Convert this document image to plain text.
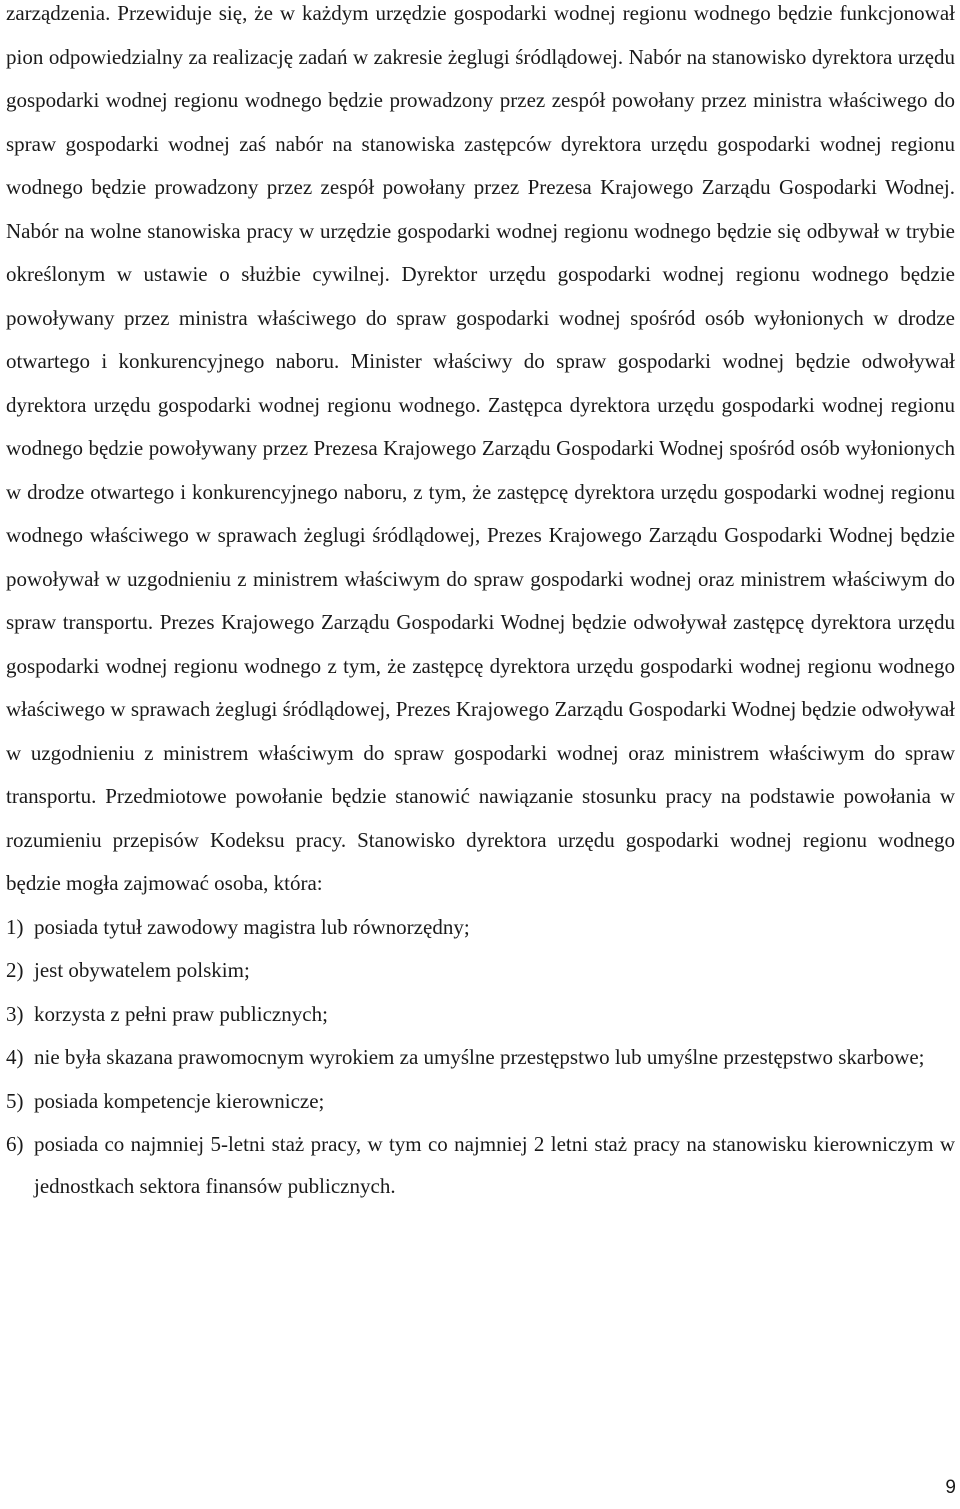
zarządzenia. Przewiduje się, że w każdym urzędzie gospodarki wodnej regionu wodnego będzie funkcjonował pion odpowiedzialny za realizację zadań w zakresie żeglugi śródlądowej. Nabór na stanowisko dyrektora urzędu gospodarki wodnej regionu wodnego będzie prowadzony przez zespół powołany przez ministra właściwego do spraw gospodarki wodnej zaś nabór na stanowiska zastępców dyrektora urzędu gospodarki wodnej regionu wodnego będzie prowadzony przez zespół powołany przez Prezesa Krajowego Zarządu Gospodarki Wodnej. Nabór na wolne stanowiska pracy w urzędzie gospodarki wodnej regionu wodnego będzie się odbywał w trybie określonym w ustawie o służbie cywilnej. Dyrektor urzędu gospodarki wodnej regionu wodnego będzie powoływany przez ministra właściwego do spraw gospodarki wodnej spośród osób wyłonionych w drodze otwartego i konkurencyjnego naboru. Minister właściwy do spraw gospodarki wodnej będzie odwoływał dyrektora urzędu gospodarki wodnej regionu wodnego. Zastępca dyrektora urzędu gospodarki wodnej regionu wodnego będzie powoływany przez Prezesa Krajowego Zarządu Gospodarki Wodnej spośród osób wyłonionych w drodze otwartego i konkurencyjnego naboru, z tym, że zastępcę dyrektora urzędu gospodarki wodnej regionu wodnego właściwego w sprawach żeglugi śródlądowej, Prezes Krajowego Zarządu Gospodarki Wodnej będzie powoływał w uzgodnieniu z ministrem właściwym do spraw gospodarki wodnej oraz ministrem właściwym do spraw transportu. Prezes Krajowego Zarządu Gospodarki Wodnej będzie odwoływał zastępcę dyrektora urzędu gospodarki wodnej regionu wodnego z tym, że zastępcę dyrektora urzędu gospodarki wodnej regionu wodnego właściwego w sprawach żeglugi śródlądowej, Prezes Krajowego Zarządu Gospodarki Wodnej będzie odwoływał w uzgodnieniu z ministrem właściwym do spraw gospodarki wodnej oraz ministrem właściwym do spraw transportu. Przedmiotowe powołanie będzie stanowić nawiązanie stosunku pracy na podstawie powołania w rozumieniu przepisów Kodeksu pracy. Stanowisko dyrektora urzędu gospodarki wodnej regionu wodnego będzie mogła zajmować osoba, która:

1) posiada tytuł zawodowy magistra lub równorzędny;
2) jest obywatelem polskim;
3) korzysta z pełni praw publicznych;
4) nie była skazana prawomocnym wyrokiem za umyślne przestępstwo lub umyślne przestępstwo skarbowe;
5) posiada kompetencje kierownicze;
6) posiada co najmniej 5-letni staż pracy, w tym co najmniej 2 letni staż pracy na stanowisku kierowniczym w jednostkach sektora finansów publicznych.
9
